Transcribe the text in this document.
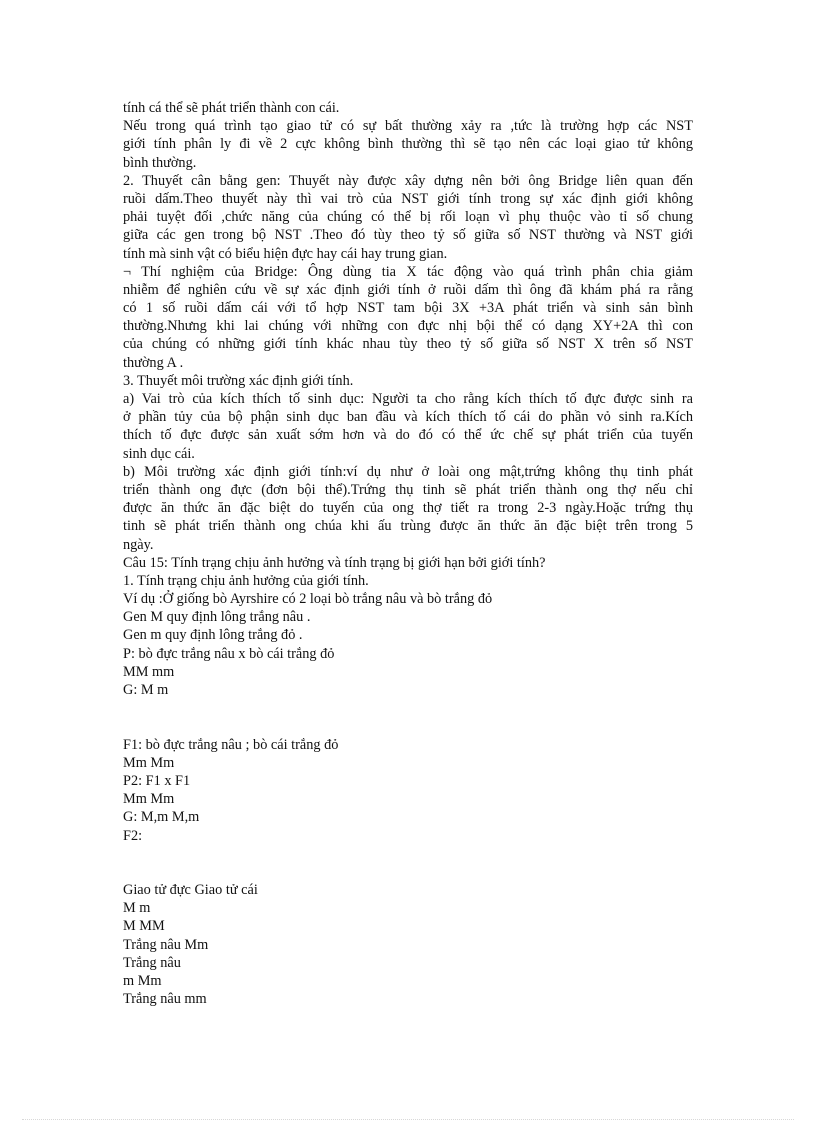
tính cá thể sẽ phát triển thành con cái.
Nếu trong quá trình tạo giao tử có sự bất thường xảy ra ,tức là trường hợp các NST
giới tính phân ly đi về 2 cực không bình thường thì sẽ tạo nên các loại giao tử không
bình thường.
2. Thuyết cân bằng gen: Thuyết này được xây dựng nên bởi ông Bridge liên quan đến
ruồi dấm.Theo thuyết này thì vai trò của NST giới tính trong sự xác định giới không
phải tuyệt đối ,chức năng của chúng có thể bị rối loạn vì phụ thuộc vào tỉ số chung
giữa các gen trong bộ NST .Theo đó tùy theo tỷ số giữa số NST thường và NST giới
tính mà sinh vật có biểu hiện đực hay cái hay trung gian.
¬ Thí nghiệm của Bridge: Ông dùng tia X tác động vào quá trình phân chia giảm
nhiễm để nghiên cứu về sự xác định giới tính ở ruồi dấm thì ông đã khám phá ra rằng
có 1 số ruồi dấm cái với tổ hợp NST tam bội 3X +3A phát triển và sinh sản bình
thường.Nhưng khi lai chúng với những con đực nhị bội thể có dạng XY+2A thì con
của chúng có những giới tính khác nhau tùy theo tỷ số giữa số NST X trên số NST
thường A .
3. Thuyết môi trường xác định giới tính.
a) Vai trò của kích thích tố sinh dục: Người ta cho rằng kích thích tố đực được sinh ra
ở phần tủy của bộ phận sinh dục ban đầu và kích thích tố cái do phần vỏ sinh ra.Kích
thích tố đực được sản xuất sớm hơn và do đó có thể ức chế sự phát triển của tuyến
sinh dục cái.
b) Môi trường xác định giới tính:ví dụ như ở loài ong mật,trứng không thụ tinh phát
triển thành ong đực (đơn bội thể).Trứng thụ tinh sẽ phát triển thành ong thợ nếu chỉ
được ăn thức ăn đặc biệt do tuyến của ong thợ tiết ra trong 2-3 ngày.Hoặc trứng thụ
tinh sẽ phát triển thành ong chúa khi ấu trùng được ăn thức ăn đặc biệt trên trong 5
ngày.
Câu 15: Tính trạng chịu ảnh hưởng và tính trạng bị giới hạn bởi giới tính?
1. Tính trạng chịu ảnh hưởng của giới tính.
Ví dụ :Ở giống bò Ayrshire có 2 loại bò trắng nâu và bò trắng đỏ
Gen M quy định lông trắng nâu .
Gen m quy định lông trắng đỏ .
P: bò đực trắng nâu x bò cái trắng đỏ
MM mm
G: M m
F1: bò đực trắng nâu ; bò cái trắng đỏ
Mm Mm
P2: F1 x F1
Mm Mm
G: M,m M,m
F2:
Giao tử đực Giao tử cái
M m
M MM
Trắng nâu Mm
Trắng nâu
m Mm
Trắng nâu mm
